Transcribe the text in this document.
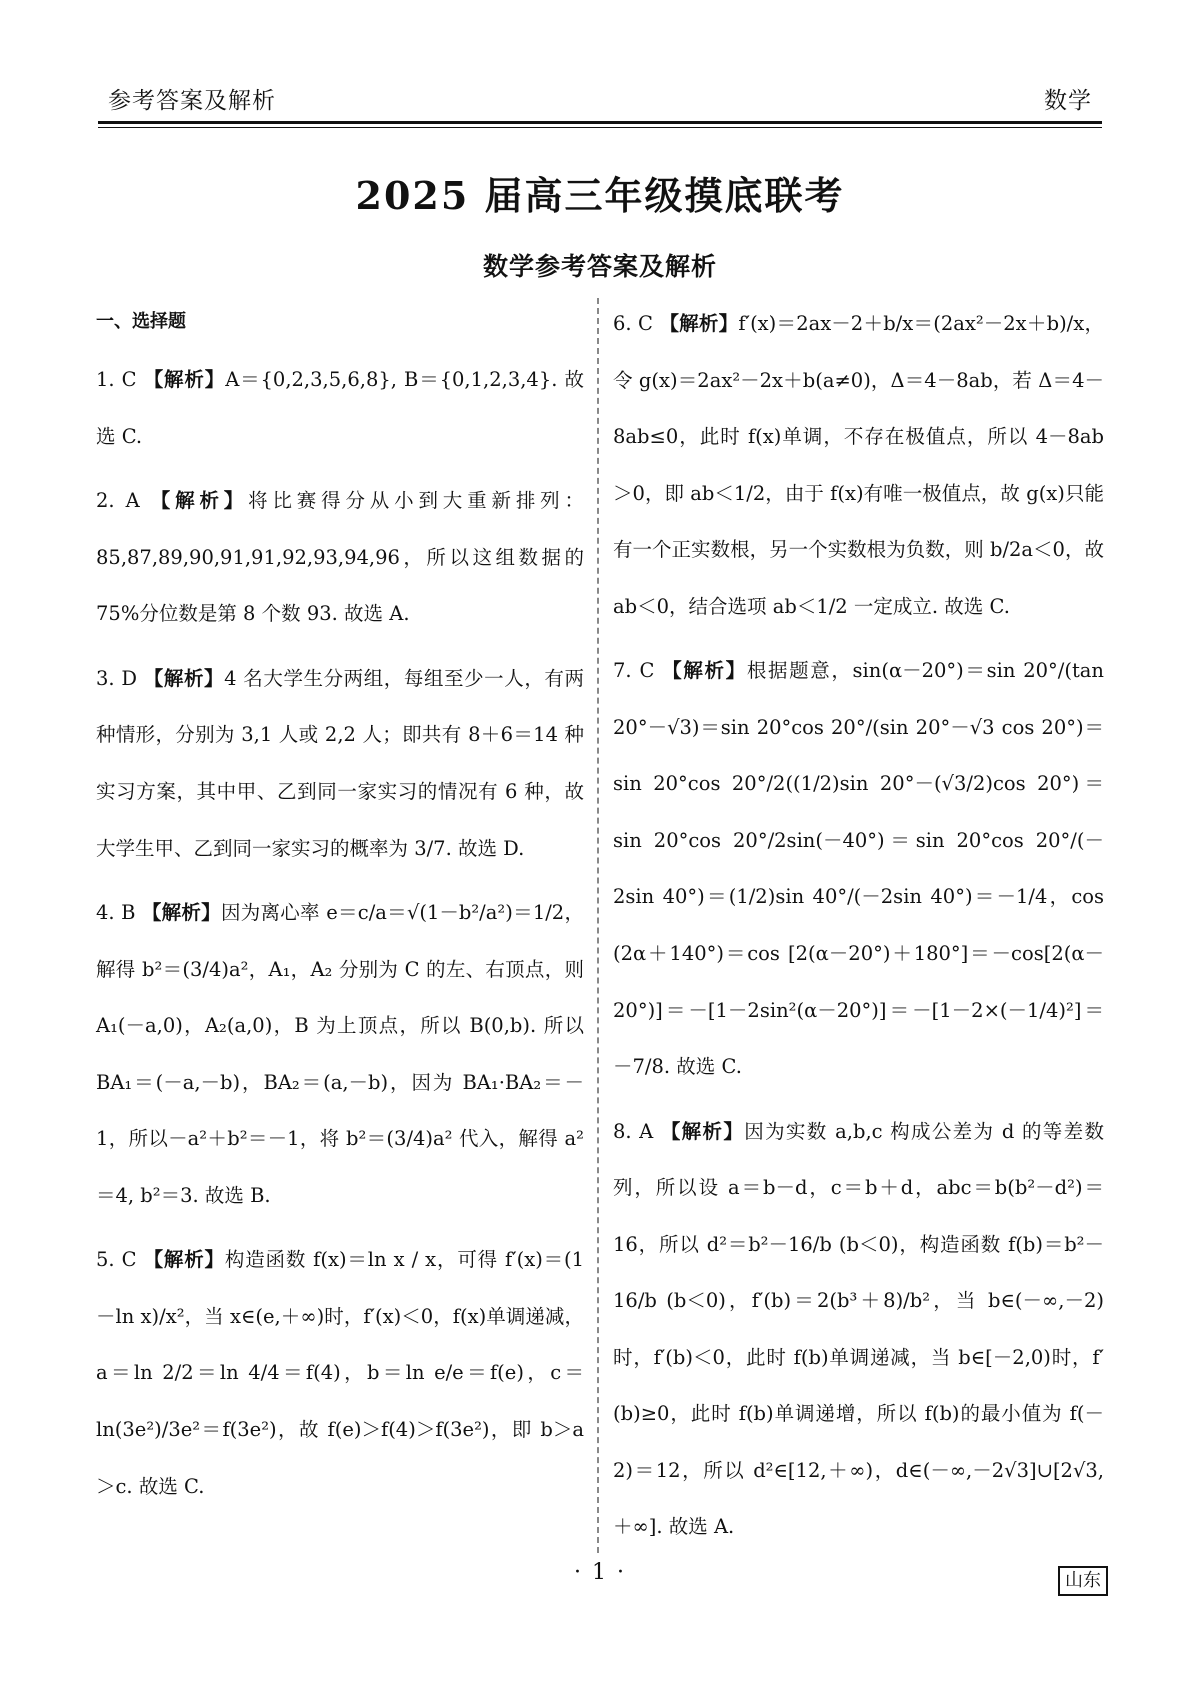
参考答案及解析	数学
2025 届高三年级摸底联考
数学参考答案及解析

一、选择题

1. C 【解析】A＝{0,2,3,5,6,8}, B＝{0,1,2,3,4}. 故选 C.

2. A 【解析】将比赛得分从小到大重新排列：85,87,89,90,91,91,92,93,94,96，所以这组数据的 75%分位数是第 8 个数 93. 故选 A.

3. D 【解析】4 名大学生分两组，每组至少一人，有两种情形，分别为 3,1 人或 2,2 人；即共有 8＋6＝14 种实习方案，其中甲、乙到同一家实习的情况有 6 种，故大学生甲、乙到同一家实习的概率为 3/7. 故选 D.

4. B 【解析】因为离心率 e＝c/a＝√(1－b²/a²)＝1/2，解得 b²＝(3/4)a²，A₁，A₂ 分别为 C 的左、右顶点，则 A₁(－a,0)，A₂(a,0)，B 为上顶点，所以 B(0,b). 所以 BA₁＝(－a,－b)，BA₂＝(a,－b)，因为 BA₁·BA₂＝－1，所以－a²＋b²＝－1，将 b²＝(3/4)a² 代入，解得 a²＝4, b²＝3. 故选 B.

5. C 【解析】构造函数 f(x)＝ln x / x，可得 f′(x)＝(1－ln x)/x²，当 x∈(e,＋∞)时，f′(x)＜0，f(x)单调递减，a＝ln 2/2＝ln 4/4＝f(4)，b＝ln e/e＝f(e)，c＝ln(3e²)/3e²＝f(3e²)，故 f(e)＞f(4)＞f(3e²)，即 b＞a＞c. 故选 C.

6. C 【解析】f′(x)＝2ax－2＋b/x＝(2ax²－2x＋b)/x，令 g(x)＝2ax²－2x＋b(a≠0)，Δ＝4－8ab，若 Δ＝4－8ab≤0，此时 f(x)单调，不存在极值点，所以 4－8ab＞0，即 ab＜1/2，由于 f(x)有唯一极值点，故 g(x)只能有一个正实数根，另一个实数根为负数，则 b/2a＜0，故 ab＜0，结合选项 ab＜1/2 一定成立. 故选 C.

7. C 【解析】根据题意，sin(α－20°)＝sin 20°/(tan 20°－√3)＝sin 20°cos 20°/(sin 20°－√3 cos 20°)＝sin 20°cos 20°/2((1/2)sin 20°－(√3/2)cos 20°)＝sin 20°cos 20°/2sin(－40°)＝sin 20°cos 20°/(－2sin 40°)＝(1/2)sin 40°/(－2sin 40°)＝－1/4，cos (2α＋140°)＝cos [2(α－20°)＋180°]＝－cos[2(α－20°)]＝－[1－2sin²(α－20°)]＝－[1－2×(－1/4)²]＝－7/8. 故选 C.

8. A 【解析】因为实数 a,b,c 构成公差为 d 的等差数列，所以设 a＝b－d，c＝b＋d，abc＝b(b²－d²)＝16，所以 d²＝b²－16/b (b＜0)，构造函数 f(b)＝b²－16/b (b＜0)，f′(b)＝2(b³＋8)/b²，当 b∈(－∞,－2)时，f′(b)＜0，此时 f(b)单调递减，当 b∈[－2,0)时，f′(b)≥0，此时 f(b)单调递增，所以 f(b)的最小值为 f(－2)＝12，所以 d²∈[12,＋∞)，d∈(－∞,－2√3]∪[2√3,＋∞]. 故选 A.

· 1 ·	山东
